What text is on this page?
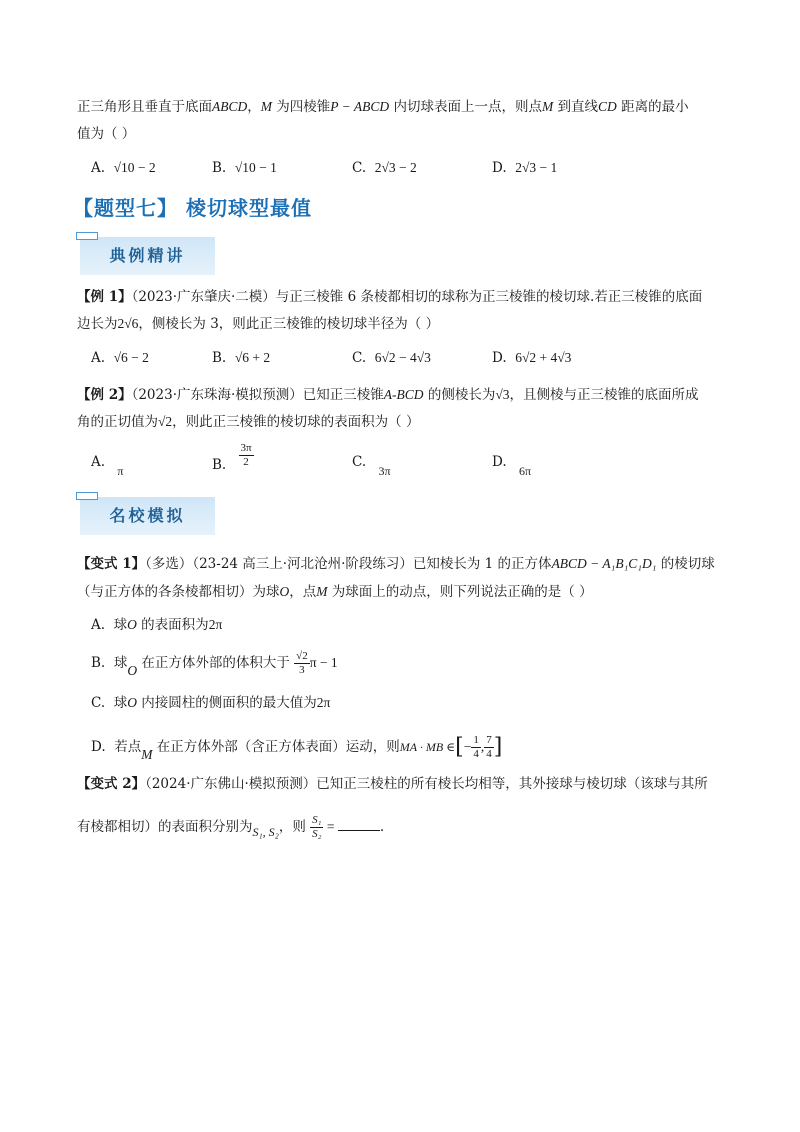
正三角形且垂直于底面ABCD，M 为四棱锥P − ABCD 内切球表面上一点，则点M 到直线CD 距离的最小
值为（ ）
A. √10 − 2	B. √10 − 1	C. 2√3 − 2	D. 2√3 − 1
【题型七】 棱切球型最值
典例精讲
【例 1】（2023·广东肇庆·二模）与正三棱锥 6 条棱都相切的球称为正三棱锥的棱切球.若正三棱锥的底面
边长为2√6，侧棱长为 3，则此正三棱锥的棱切球半径为（ ）
A. √6 − 2	B. √6 + 2	C. 6√2 − 4√3	D. 6√2 + 4√3
【例 2】（2023·广东珠海·模拟预测）已知正三棱锥A-BCD 的侧棱长为√3，且侧棱与正三棱锥的底面所成
角的正切值为√2，则此正三棱锥的棱切球的表面积为（ ）
A. π	B. $\frac{3\pi}{2}$	C. 3π
D. 6π
名校模拟
【变式 1】（多选）（23-24 高三上·河北沧州·阶段练习）已知棱长为 1 的正方体ABCD − A₁B₁C₁D₁ 的棱切球
（与正方体的各条棱都相切）为球O，点M 为球面上的动点，则下列说法正确的是（ ）
A. 球O 的表面积为2π
B. 球O 在正方体外部的体积大于 $\frac{√2}{3}$ π − 1
C. 球O 内接圆柱的侧面积的最大值为2π
D. 若点M 在正方体外部（含正方体表面）运动，则MA · MB ∈[− $\frac{1}{4}$ , $\frac{7}{4}$ ]
【变式 2】（2024·广东佛山·模拟预测）已知正三棱柱的所有棱长均相等，其外接球与棱切球（该球与其所
有棱都相切）的表面积分别为S₁, S₂，则 $\frac{\text{S₁}}{\text{S₂}}$ =	.
